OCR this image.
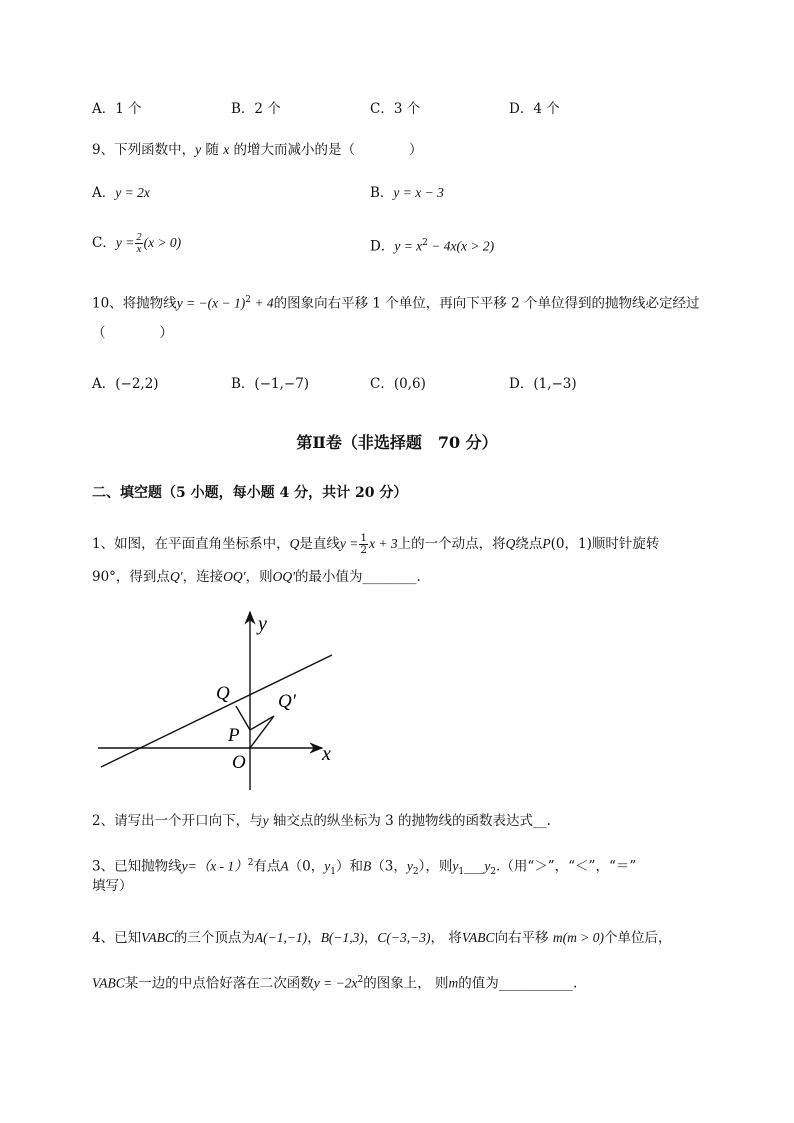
A．1 个	B．2 个	C．3 个	D．4 个
9、下列函数中，y 随 x 的增大而减小的是（　　　　）
A．y = 2x	B．y = x − 3
C．$y = \frac{2}{x} (x > 0)$	D．$y = x^2 - 4x(x > 2)$
10、将抛物线$y = -(x - 1)^2 + 4$的图象向右平移 1 个单位，再向下平移 2 个单位得到的抛物线必定经过
（　　　　）
A．(−2,2)	B．(−1,−7)	C．(0,6)	D．(1,−3)
第Ⅱ卷（非选择题　70 分）
二、填空题（5 小题，每小题 4 分，共计 20 分）
1、如图，在平面直角坐标系中，Q是直线$y = \frac{1}{2}$ x + 3上的一个动点，将Q绕点P(0，1)顺时针旋转
90°，得到点Q′，连接OQ′，则OQ′的最小值为________.
y
x
O
P
Q	Q′
2、请写出一个开口向下，与y 轴交点的纵坐标为 3 的抛物线的函数表达式__.
3、已知抛物线y=（x - 1）$^2$有点A（0，$y_1$）和B（3，$y_2$），则$y_1\_\_\_y_2$.（用“＞”，“＜”，“＝”
填写）
4、已知VABC的三个顶点为A(−1,−1)，B(−1,3)，C(−3,−3)， 将VABC向右平移 m(m > 0)个单位后，
VABC某一边的中点恰好落在二次函数$y = -2x^2$的图象上， 则m的值为___________.
